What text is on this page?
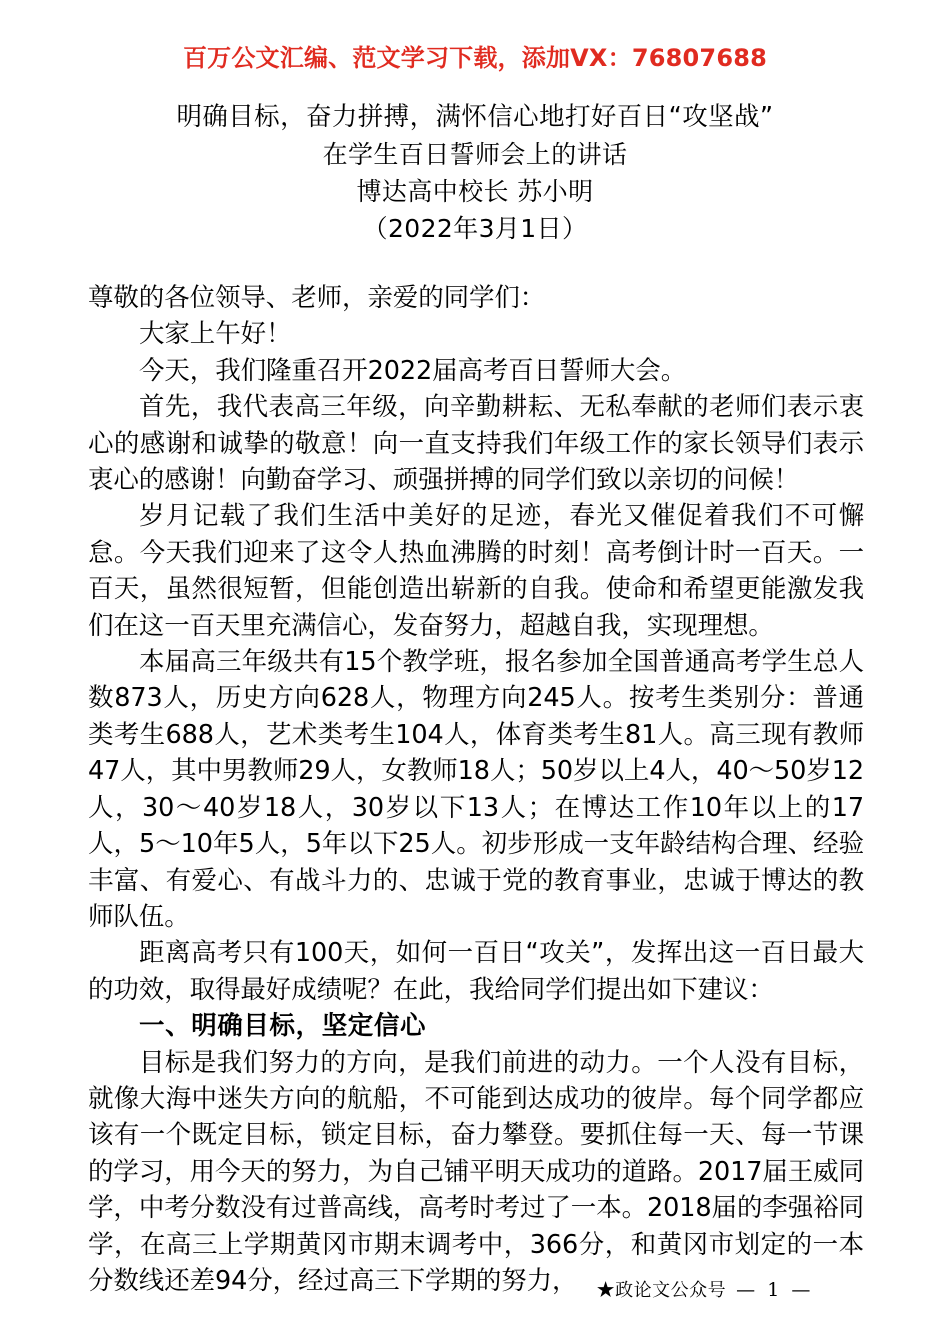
百万公文汇编、范文学习下载，添加VX：76807688
明确目标，奋力拼搏，满怀信心地打好百日“攻坚战”
在学生百日誓师会上的讲话
博达高中校长 苏小明
（2022年3月1日）

尊敬的各位领导、老师，亲爱的同学们：

大家上午好！

今天，我们隆重召开2022届高考百日誓师大会。

首先，我代表高三年级，向辛勤耕耘、无私奉献的老师们表示衷心的感谢和诚挚的敬意！向一直支持我们年级工作的家长领导们表示衷心的感谢！向勤奋学习、顽强拼搏的同学们致以亲切的问候！

岁月记载了我们生活中美好的足迹，春光又催促着我们不可懈怠。今天我们迎来了这令人热血沸腾的时刻！高考倒计时一百天。一百天，虽然很短暂，但能创造出崭新的自我。使命和希望更能激发我们在这一百天里充满信心，发奋努力，超越自我，实现理想。

本届高三年级共有15个教学班，报名参加全国普通高考学生总人数873人，历史方向628人，物理方向245人。按考生类别分：普通类考生688人，艺术类考生104人，体育类考生81人。高三现有教师47人，其中男教师29人，女教师18人；50岁以上4人，40～50岁12人，30～40岁18人，30岁以下13人；在博达工作10年以上的17人，5～10年5人，5年以下25人。初步形成一支年龄结构合理、经验丰富、有爱心、有战斗力的、忠诚于党的教育事业，忠诚于博达的教师队伍。

距离高考只有100天，如何一百日“攻关”，发挥出这一百日最大的功效，取得最好成绩呢？在此，我给同学们提出如下建议：

一、明确目标，坚定信心

目标是我们努力的方向，是我们前进的动力。一个人没有目标，就像大海中迷失方向的航船，不可能到达成功的彼岸。每个同学都应该有一个既定目标，锁定目标，奋力攀登。要抓住每一天、每一节课的学习，用今天的努力，为自己铺平明天成功的道路。2017届王威同学，中考分数没有过普高线，高考时考过了一本。2018届的李强裕同学，在高三上学期黄冈市期末调考中，366分，和黄冈市划定的一本分数线还差94分，经过高三下学期的努力，	★政论文公众号 — 1 —
